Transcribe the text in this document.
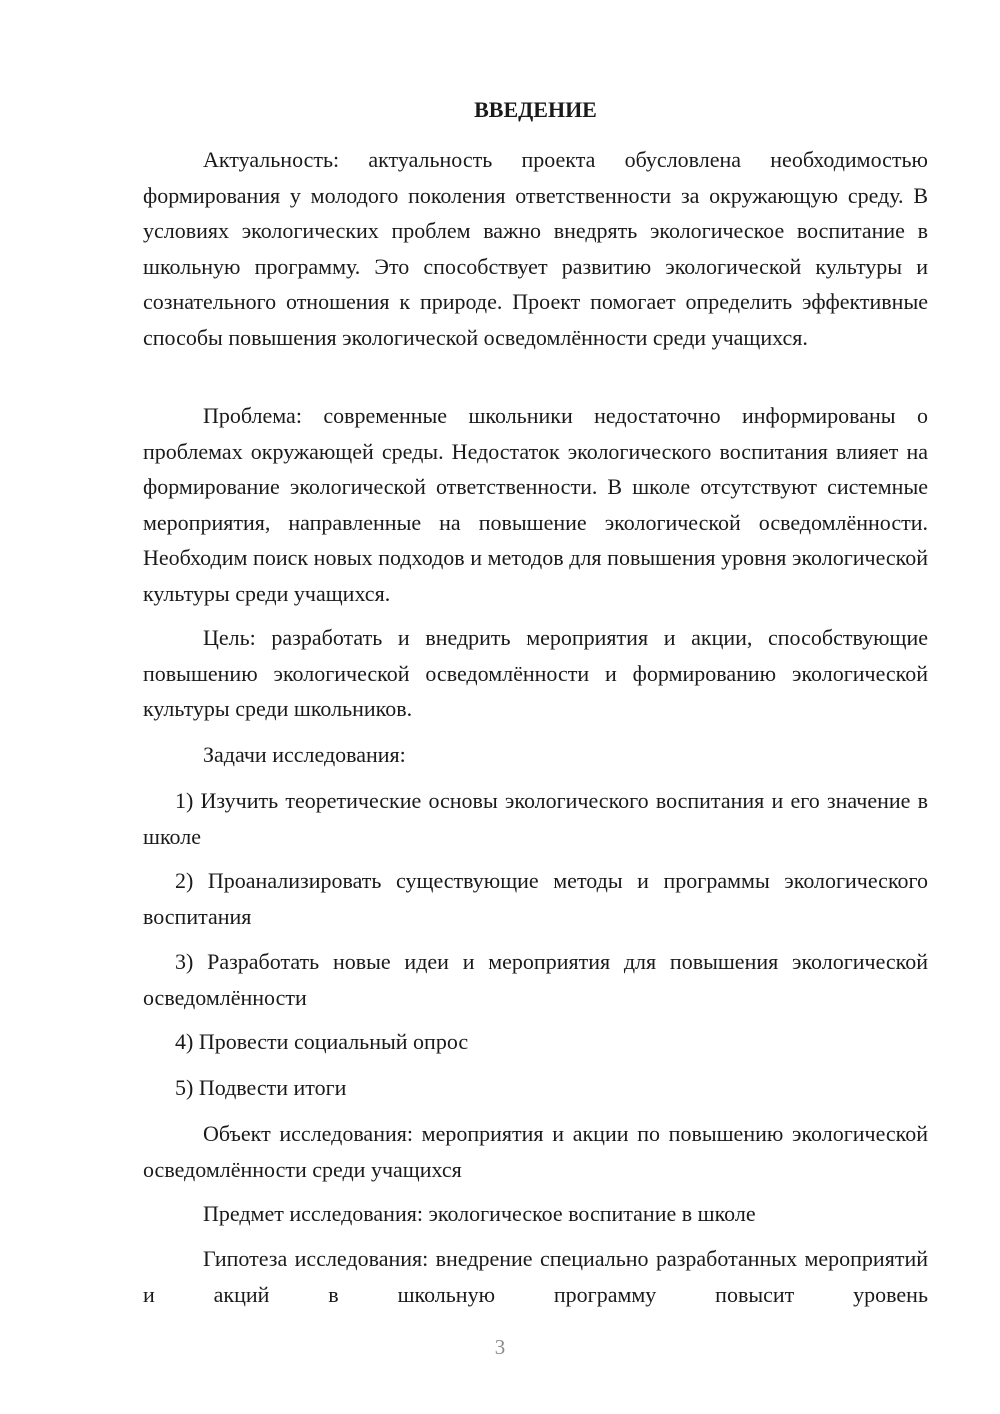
ВВЕДЕНИЕ

Актуальность: актуальность проекта обусловлена необходимостью формирования у молодого поколения ответственности за окружающую среду. В условиях экологических проблем важно внедрять экологическое воспитание в школьную программу. Это способствует развитию экологической культуры и сознательного отношения к природе. Проект помогает определить эффективные способы повышения экологической осведомлённости среди учащихся.

Проблема: современные школьники недостаточно информированы о проблемах окружающей среды. Недостаток экологического воспитания влияет на формирование экологической ответственности. В школе отсутствуют системные мероприятия, направленные на повышение экологической осведомлённости. Необходим поиск новых подходов и методов для повышения уровня экологической культуры среди учащихся.

Цель: разработать и внедрить мероприятия и акции, способствующие повышению экологической осведомлённости и формированию экологической культуры среди школьников.

Задачи исследования:

1) Изучить теоретические основы экологического воспитания и его значение в школе

2) Проанализировать существующие методы и программы экологического воспитания

3) Разработать новые идеи и мероприятия для повышения экологической осведомлённости

4) Провести социальный опрос

5) Подвести итоги

Объект исследования: мероприятия и акции по повышению экологической осведомлённости среди учащихся

Предмет исследования: экологическое воспитание в школе

Гипотеза исследования: внедрение специально разработанных мероприятий и акций в школьную программу повысит уровень

3
